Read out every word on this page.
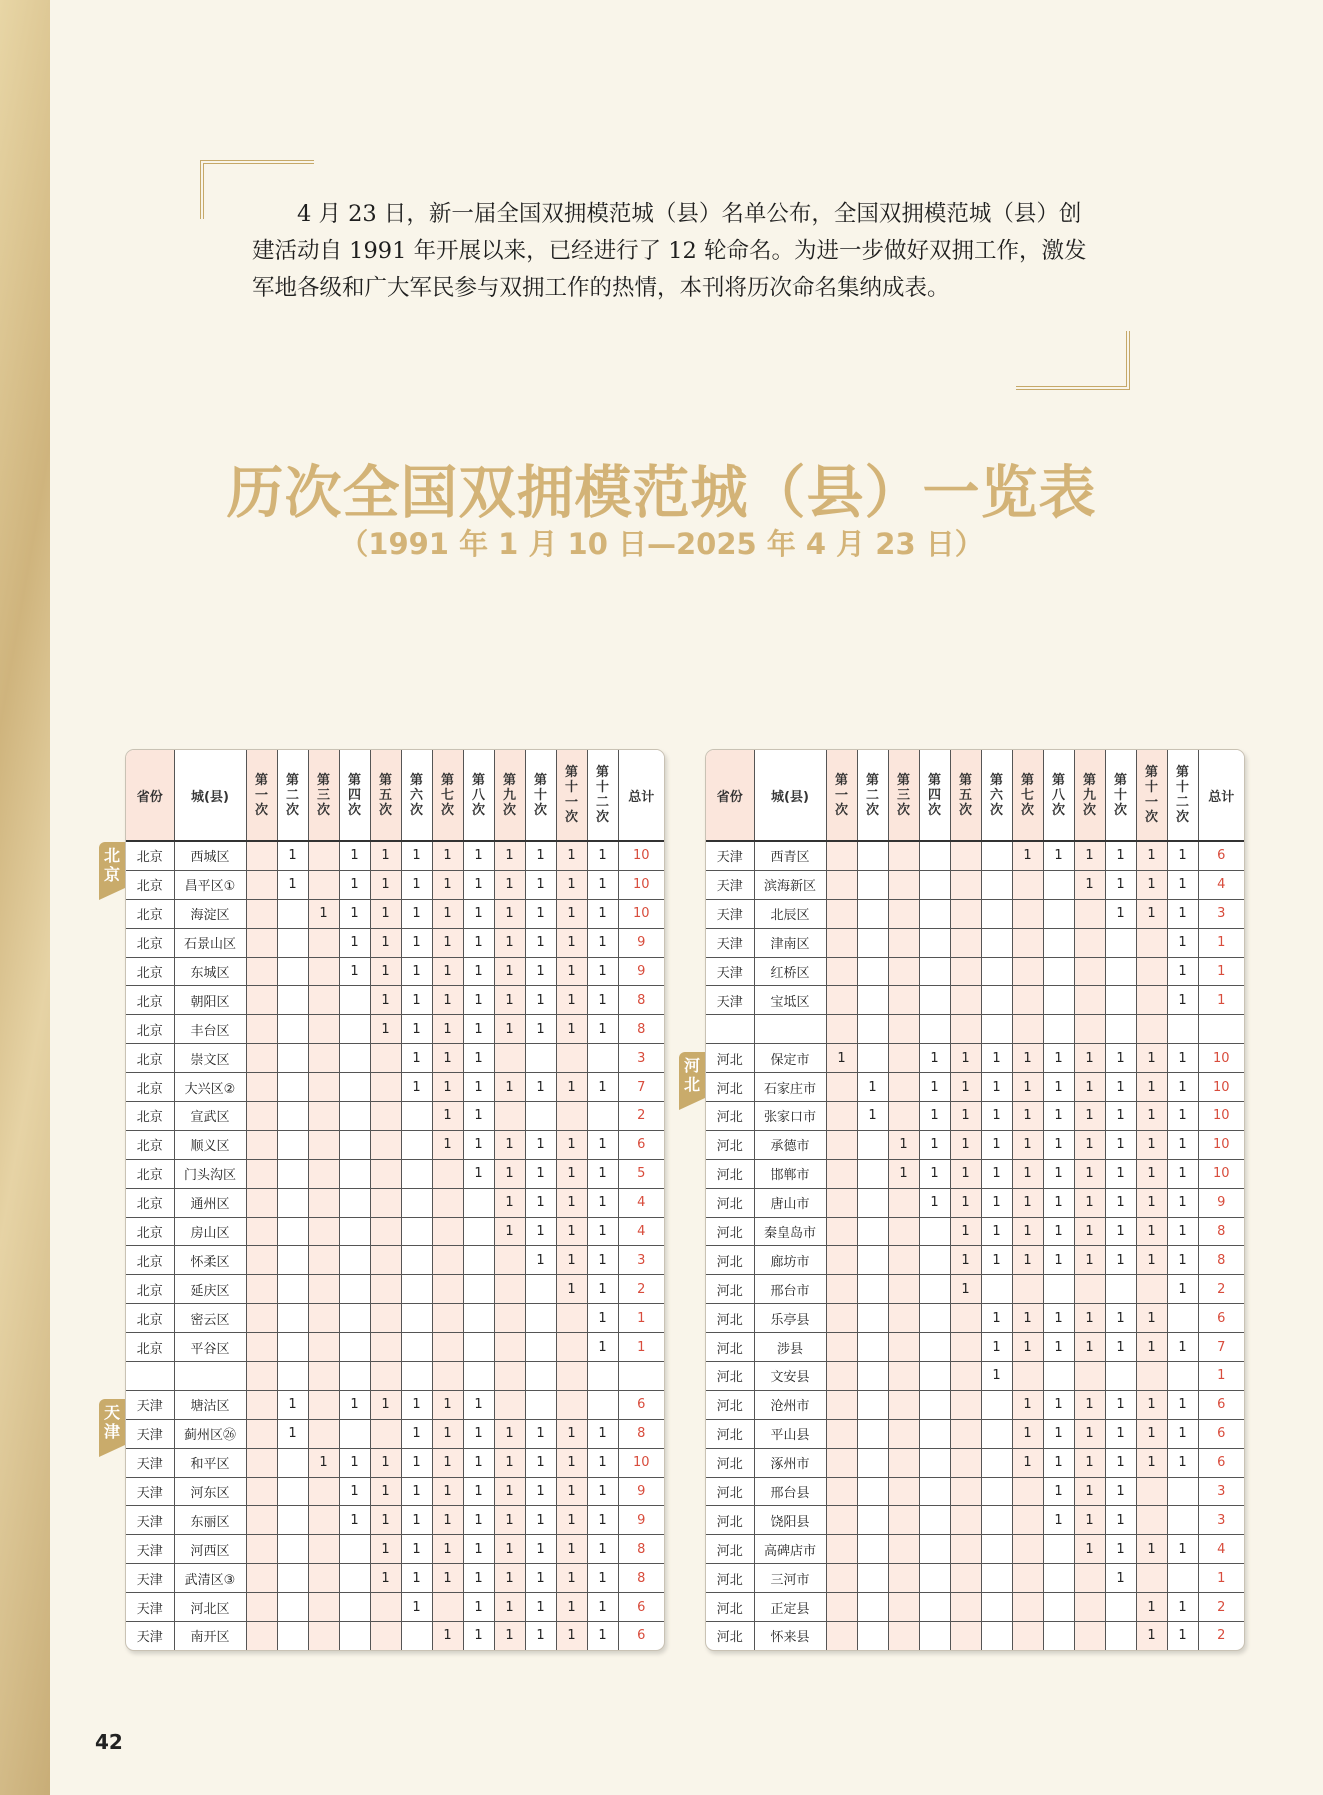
4 月 23 日，新一届全国双拥模范城（县）名单公布，全国双拥模范城（县）创建活动自 1991 年开展以来，已经进行了 12 轮命名。为进一步做好双拥工作，激发军地各级和广大军民参与双拥工作的热情，本刊将历次命名集纳成表。

历次全国双拥模范城（县）一览表
（1991 年 1 月 10 日—2025 年 4 月 23 日）
省份	城(县)	第一次	第二次	第三次	第四次	第五次	第六次	第七次	第八次	第九次	第十次	第十一次	第十二次	总计
北京	西城区		1		1	1	1	1	1	1	1	1	1	10
北京	昌平区①		1		1	1	1	1	1	1	1	1	1	10
北京	海淀区			1	1	1	1	1	1	1	1	1	1	10
北京	石景山区				1	1	1	1	1	1	1	1	1	9
北京	东城区				1	1	1	1	1	1	1	1	1	9
北京	朝阳区					1	1	1	1	1	1	1	1	8
北京	丰台区					1	1	1	1	1	1	1	1	8
北京	崇文区						1	1	1					3
北京	大兴区②						1	1	1	1	1	1	1	7
北京	宣武区							1	1					2
北京	顺义区							1	1	1	1	1	1	6
北京	门头沟区								1	1	1	1	1	5
北京	通州区									1	1	1	1	4
北京	房山区									1	1	1	1	4
北京	怀柔区										1	1	1	3
北京	延庆区											1	1	2
北京	密云区												1	1
北京	平谷区												1	1

天津	塘沽区		1		1	1	1	1	1					6
天津	蓟州区㉖		1				1	1	1	1	1	1	1	8
天津	和平区			1	1	1	1	1	1	1	1	1	1	10
天津	河东区				1	1	1	1	1	1	1	1	1	9
天津	东丽区				1	1	1	1	1	1	1	1	1	9
天津	河西区					1	1	1	1	1	1	1	1	8
天津	武清区③					1	1	1	1	1	1	1	1	8
天津	河北区						1		1	1	1	1	1	6
天津	南开区							1	1	1	1	1	1	6
省份	城(县)	第一次	第二次	第三次	第四次	第五次	第六次	第七次	第八次	第九次	第十次	第十一次	第十二次	总计
天津	西青区							1	1	1	1	1	1	6
天津	滨海新区									1	1	1	1	4
天津	北辰区										1	1	1	3
天津	津南区												1	1
天津	红桥区												1	1
天津	宝坻区												1	1

河北	保定市	1			1	1	1	1	1	1	1	1	1	10
河北	石家庄市		1		1	1	1	1	1	1	1	1	1	10
河北	张家口市		1		1	1	1	1	1	1	1	1	1	10
河北	承德市			1	1	1	1	1	1	1	1	1	1	10
河北	邯郸市			1	1	1	1	1	1	1	1	1	1	10
河北	唐山市				1	1	1	1	1	1	1	1	1	9
河北	秦皇岛市					1	1	1	1	1	1	1	1	8
河北	廊坊市					1	1	1	1	1	1	1	1	8
河北	邢台市					1							1	2
河北	乐亭县						1	1	1	1	1	1		6
河北	涉县						1	1	1	1	1	1	1	7
河北	文安县						1							1
河北	沧州市							1	1	1	1	1	1	6
河北	平山县							1	1	1	1	1	1	6
河北	涿州市							1	1	1	1	1	1	6
河北	邢台县								1	1	1			3
河北	饶阳县								1	1	1			3
河北	高碑店市									1	1	1	1	4
河北	三河市										1			1
河北	正定县											1	1	2
河北	怀来县											1	1	2
北京
天津
河北
42
